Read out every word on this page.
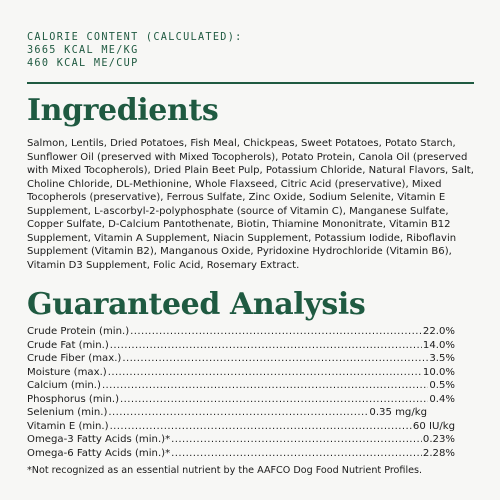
CALORIE CONTENT (CALCULATED):
3665 KCAL ME/KG
460 KCAL ME/CUP
Ingredients

Salmon, Lentils, Dried Potatoes, Fish Meal, Chickpeas, Sweet Potatoes, Potato Starch, Sunflower Oil (preserved with Mixed Tocopherols), Potato Protein, Canola Oil (preserved with Mixed Tocopherols), Dried Plain Beet Pulp, Potassium Chloride, Natural Flavors, Salt, Choline Chloride, DL-Methionine, Whole Flaxseed, Citric Acid (preservative), Mixed Tocopherols (preservative), Ferrous Sulfate, Zinc Oxide, Sodium Selenite, Vitamin E Supplement, L-ascorbyl-2-polyphosphate (source of Vitamin C), Manganese Sulfate, Copper Sulfate, D-Calcium Pantothenate, Biotin, Thiamine Mononitrate, Vitamin B12 Supplement, Vitamin A Supplement, Niacin Supplement, Potassium Iodide, Riboflavin Supplement (Vitamin B2), Manganous Oxide, Pyridoxine Hydrochloride (Vitamin B6), Vitamin D3 Supplement, Folic Acid, Rosemary Extract.

Guaranteed Analysis
Crude Protein (min.) .....	22.0%
Crude Fat (min.) .....	14.0%
Crude Fiber (max.) .....	3.5%
Moisture (max.) .....	10.0%
Calcium (min.) .....	0.5%
Phosphorus (min.) .....	0.4%
Selenium (min.) .....	0.35 mg/kg
Vitamin E (min.) .....	60 IU/kg
Omega-3 Fatty Acids (min.)* .....	0.23%
Omega-6 Fatty Acids (min.)* .....	2.28%
*Not recognized as an essential nutrient by the AAFCO Dog Food Nutrient Profiles.
